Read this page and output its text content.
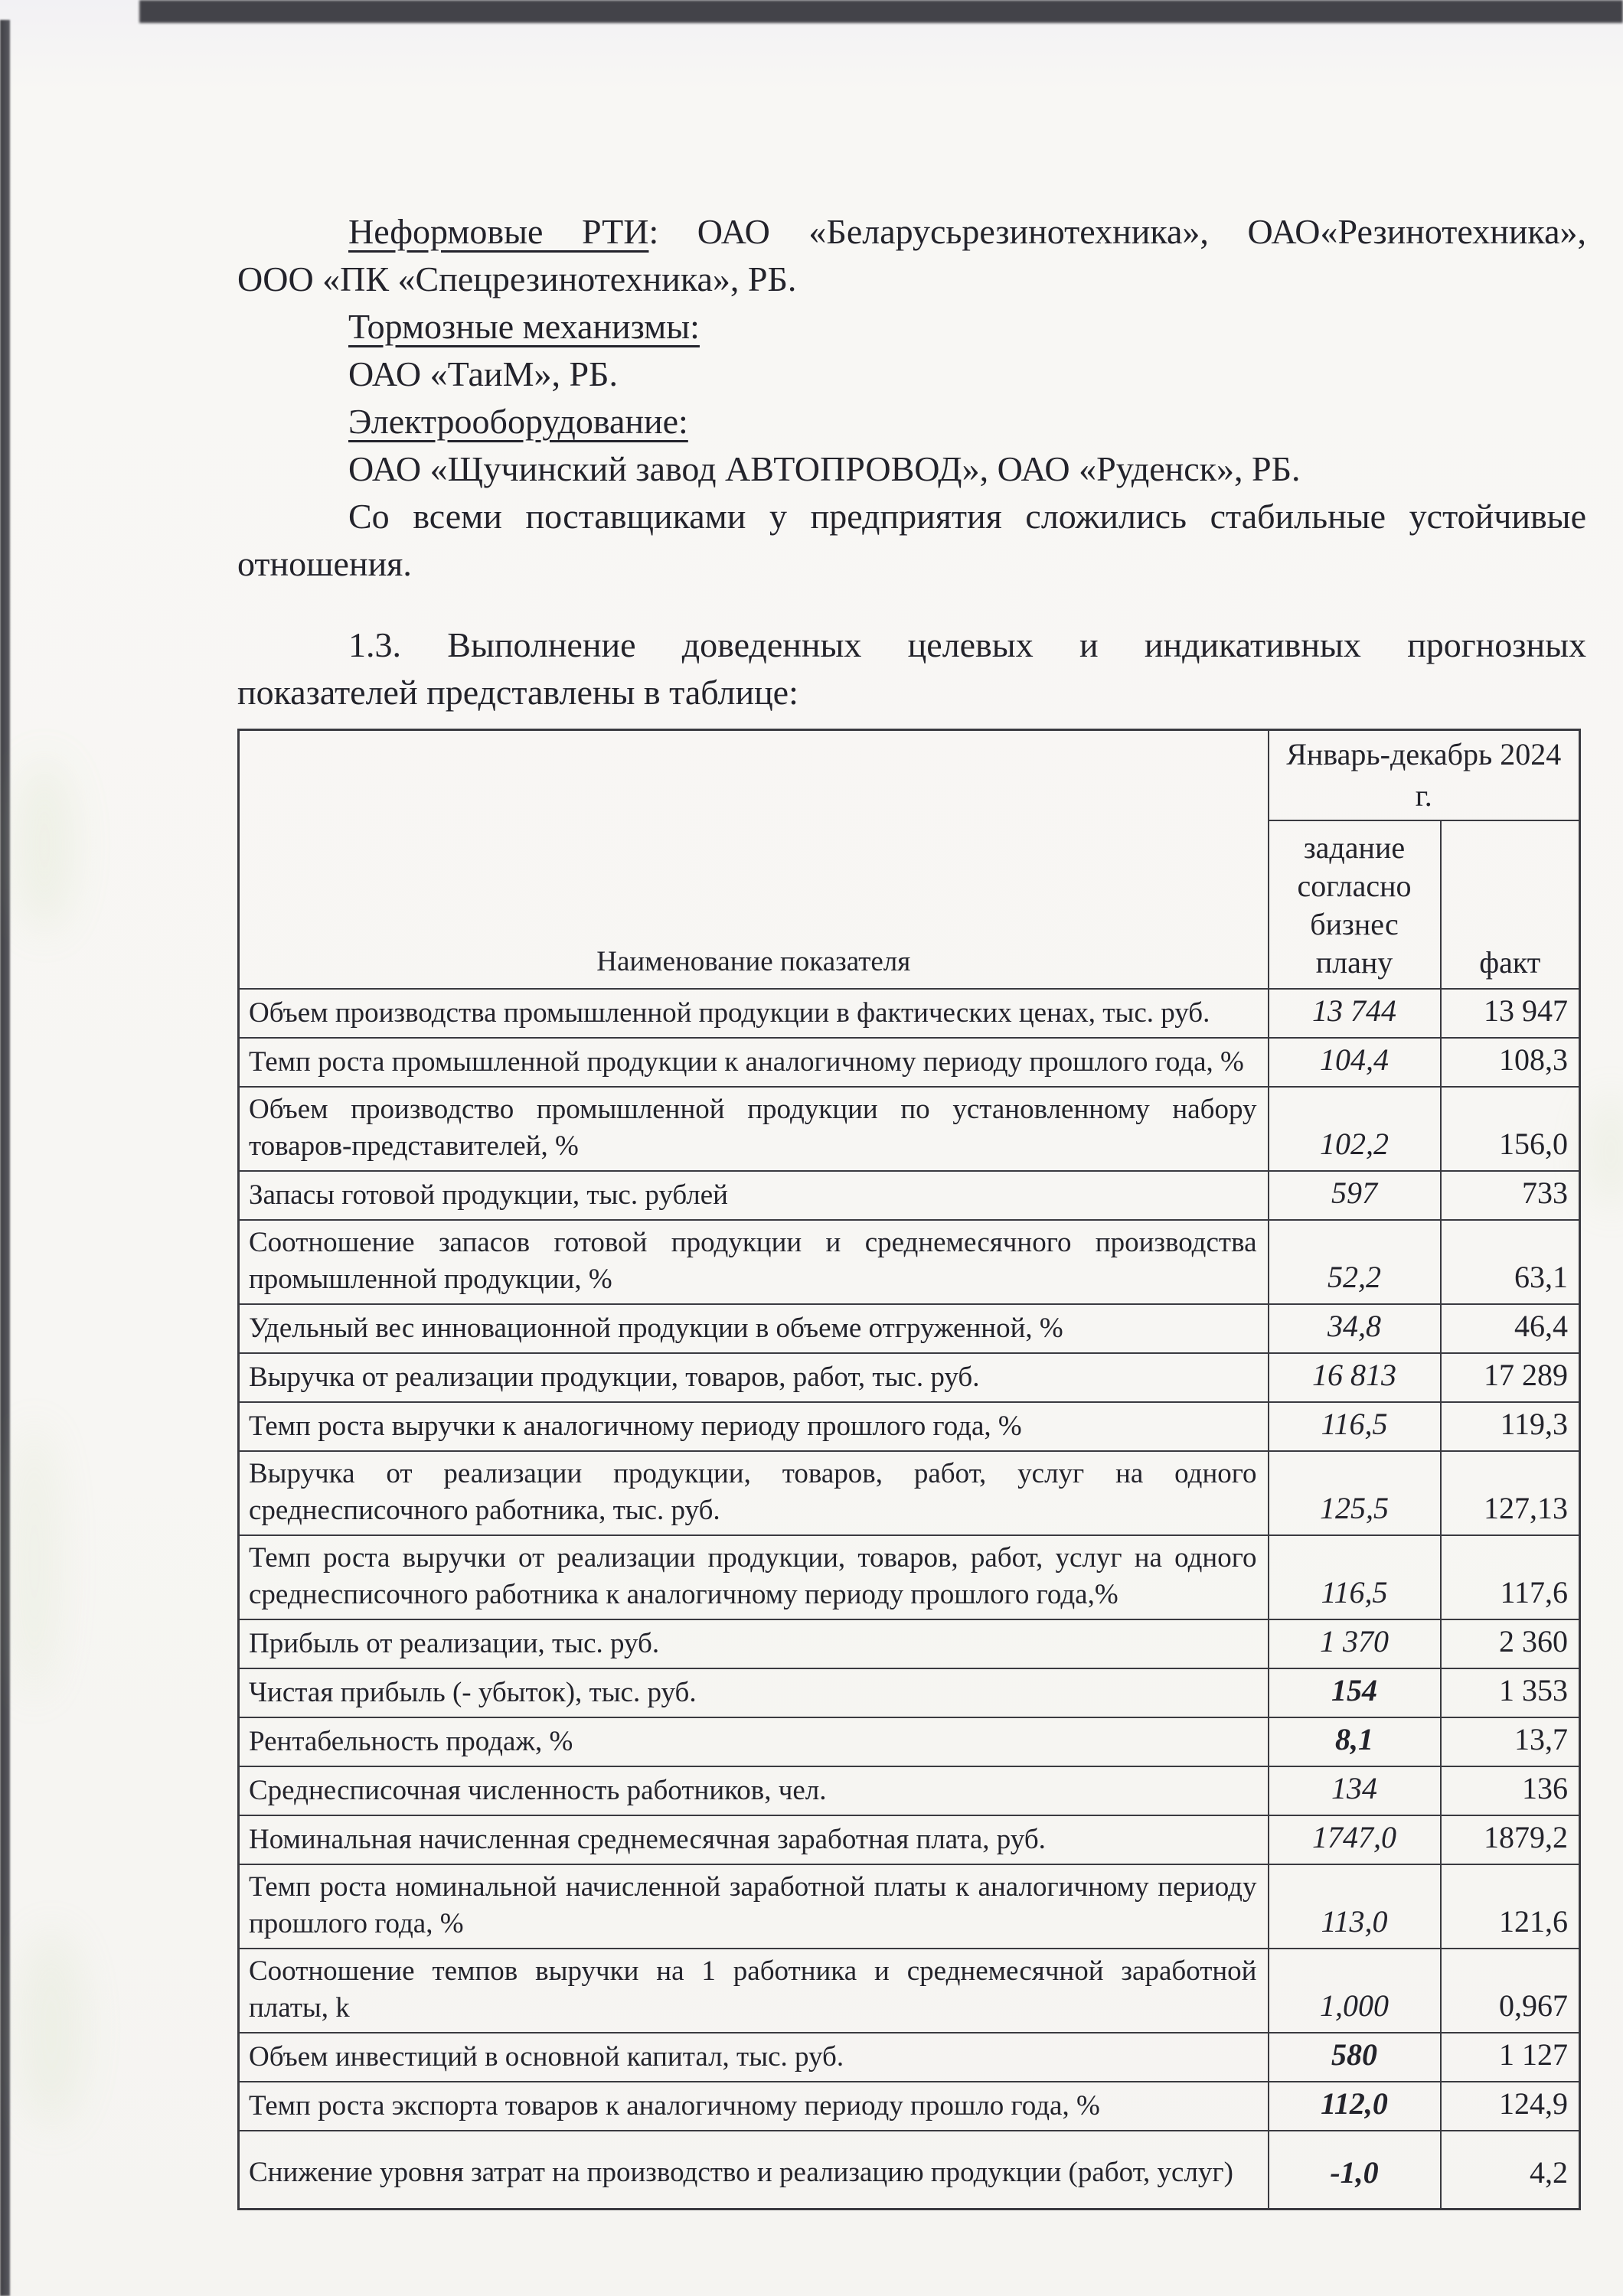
Неформовые РТИ: ОАО «Беларусьрезинотехника», ОАО«Резинотехника»,
ООО «ПК «Спецрезинотехника», РБ.
Тормозные механизмы:
ОАО «ТаиМ», РБ.
Электрооборудование:
ОАО «Щучинский завод АВТОПРОВОД», ОАО «Руденск», РБ.
Со всеми поставщиками у предприятия сложились стабильные устойчивые
отношения.
1.3. Выполнение доведенных целевых и индикативных прогнозных
показателей представлены в таблице:
Наименование показателя	Январь-декабрь 2024 г.	
	задание согласно бизнес плану	факт
Объем производства промышленной продукции в фактических ценах, тыс. руб.	13 744	13 947
Темп роста промышленной продукции к аналогичному периоду прошлого года, %	104,4	108,3
Объем производство промышленной продукции по установленному набору товаров-представителей, %	102,2	156,0
Запасы готовой продукции, тыс. рублей	597	733
Соотношение запасов готовой продукции и среднемесячного производства промышленной продукции, %	52,2	63,1
Удельный вес инновационной продукции в объеме отгруженной, %	34,8	46,4
Выручка от реализации продукции, товаров, работ, тыс. руб.	16 813	17 289
Темп роста выручки к аналогичному периоду прошлого года, %	116,5	119,3
Выручка от реализации продукции, товаров, работ, услуг на одного среднесписочного работника, тыс. руб.	125,5	127,13
Темп роста выручки от реализации продукции, товаров, работ, услуг на одного среднесписочного работника к аналогичному периоду прошлого года,%	116,5	117,6
Прибыль от реализации, тыс. руб.	1 370	2 360
Чистая прибыль (- убыток), тыс. руб.	154	1 353
Рентабельность продаж, %	8,1	13,7
Среднесписочная численность работников, чел.	134	136
Номинальная начисленная среднемесячная заработная плата, руб.	1747,0	1879,2
Темп роста номинальной начисленной заработной платы к аналогичному периоду прошлого года, %	113,0	121,6
Соотношение темпов выручки на 1 работника и среднемесячной заработной платы, k	1,000	0,967
Объем инвестиций в основной капитал, тыс. руб.	580	1 127
Темп роста экспорта товаров к аналогичному периоду прошло года, %	112,0	124,9
Снижение уровня затрат на производство и реализацию продукции (работ, услуг)	-1,0	4,2
